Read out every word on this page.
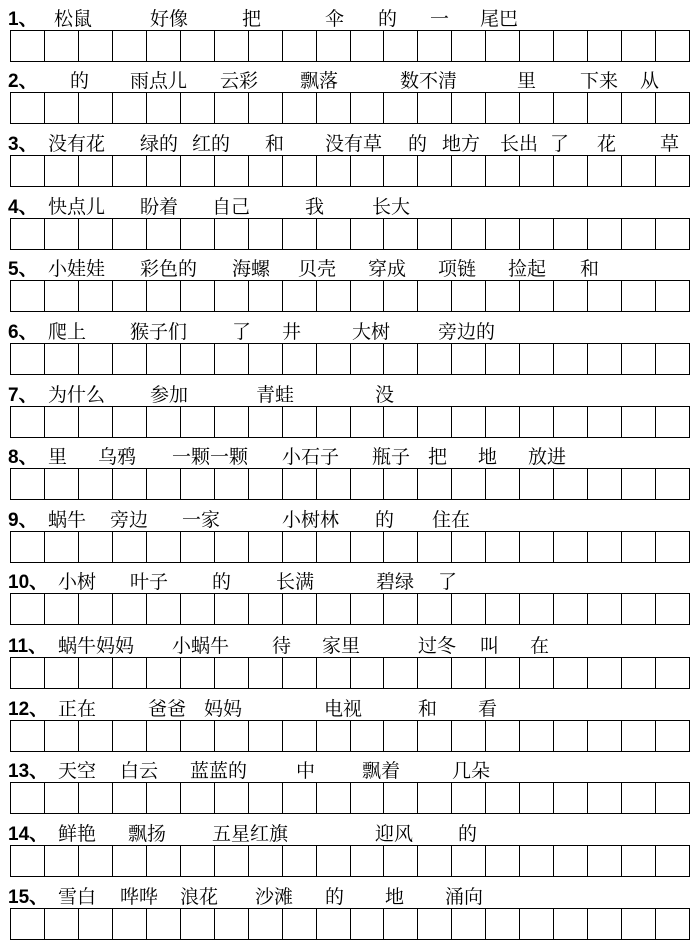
1、 松鼠	好像	把	伞 的 一 尾巴
2、 的 雨点儿 云彩 飘落	数不清	里 下来 从
3、 没有花 绿的 红的 和 没有草 的 地方 长出 了 花 草
4、 快点儿 盼着 自己	我	长大
5、 小娃娃 彩色的 海螺 贝壳 穿成 项链 捡起 和
6、 爬上 猴子们 了 井	大树	旁边的
7、 为什么 参加	青蛙	没
8、 里 乌鸦 一颗一颗 小石子 瓶子 把 地 放进
9、 蜗牛 旁边 一家	小树林 的 住在
10、 小树 叶子 的 长满	碧绿 了
11、 蜗牛妈妈 小蜗牛 待 家里	过冬 叫 在
12、 正在	爸爸 妈妈	电视	和 看
13、 天空 白云 蓝蓝的	中 飘着	几朵
14、 鲜艳 飘扬 五星红旗	迎风 的
15、 雪白 哗哗 浪花 沙滩 的 地 涌向
